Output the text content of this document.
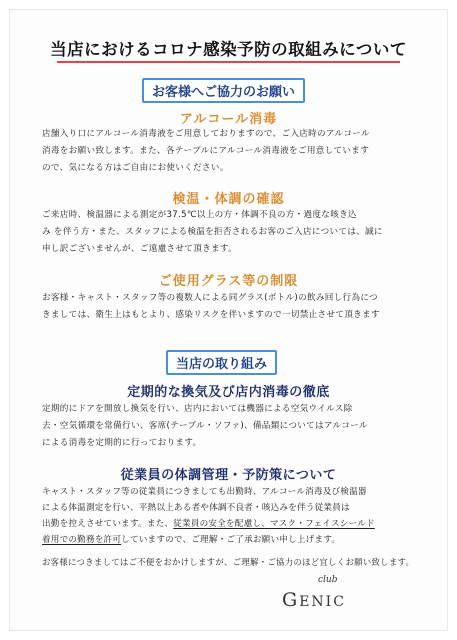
当店におけるコロナ感染予防の取組みについて
お客様へご協力のお願い
アルコール消毒
店舗入り口にアルコール消毒液をご用意しておりますので、ご入店時のアルコール
消毒をお願い致します。また、各テーブルにアルコール消毒液をご用意しています
ので、気になる方はご自由にお使いください。
検温・体調の確認
ご来店時、検温器による測定が37.5℃以上の方・体調不良の方・過度な咳き込
み を伴う方・また、スタッフによる検温を拒否されるお客のご入店については、誠に
申し訳ございませんが、ご遠慮させて頂きます。
ご使用グラス等の制限
お客様・キャスト・スタッフ等の複数人による同グラス(ボトル)の飲み回し行為につ
きましては、衛生上はもとより、感染リスクを伴いますので一切禁止させて頂きます
当店の取り組み
定期的な換気及び店内消毒の徹底
定期的にドアを開放し換気を行い、店内においては機器による空気ウイルス除
去・空気循環を常備行い、客席(テーブル・ソファ)、備品類についてはアルコール
による消毒を定期的に行っております。
従業員の体調管理・予防策について
キャスト・スタッフ等の従業員につきましても出勤時、アルコール消毒及び検温器
による体温測定を行い、平熱以上ある者や体調不良者・咳込みを伴う従業員は
出勤を控えさせています。また、従業員の安全を配慮し、マスク・フェイスシールド
着用での勤務を許可していますので、ご理解・ご了承お願い申し上げます。
お客様につきましてはご不便をおかけしますが、ご理解・ご協力のほど宜しくお願い致します。
club
GENIC
